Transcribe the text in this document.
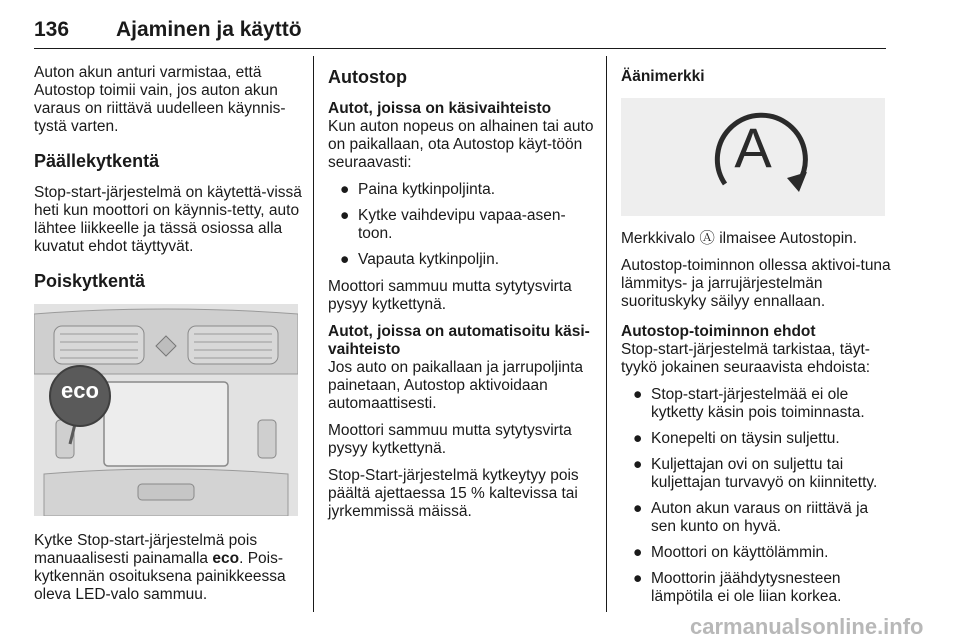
136 Ajaminen ja käyttö

Auton akun anturi varmistaa, että Autostop toimii vain, jos auton akun varaus on riittävä uudelleen käynnis-tystä varten.

Päällekytkentä

Stop-start-järjestelmä on käytettä-vissä heti kun moottori on käynnis-tetty, auto lähtee liikkeelle ja tässä osiossa alla kuvatut ehdot täyttyvät.

Poiskytkentä
eco

Kytke Stop-start-järjestelmä pois manuaalisesti painamalla eco. Pois-kytkennän osoituksena painikkeessa oleva LED-valo sammuu.

Autostop
Autot, joissa on käsivaihteisto

Kun auton nopeus on alhainen tai auto on paikallaan, ota Autostop käyt-töön seuraavasti:

● Paina kytkinpoljinta.
● Kytke vaihdevipu vapaa-asen-toon.
● Vapauta kytkinpoljin.

Moottori sammuu mutta sytytysvirta pysyy kytkettynä.

Autot, joissa on automatisoitu käsi-vaihteisto

Jos auto on paikallaan ja jarrupoljinta painetaan, Autostop aktivoidaan automaattisesti.

Moottori sammuu mutta sytytysvirta pysyy kytkettynä.

Stop-Start-järjestelmä kytkeytyy pois päältä ajettaessa 15 % kaltevissa tai jyrkemmissä mäissä.

Äänimerkki
A

Merkkivalo Ⓐ ilmaisee Autostopin.

Autostop-toiminnon ollessa aktivoi-tuna lämmitys- ja jarrujärjestelmän suorituskyky säilyy ennallaan.

Autostop-toiminnon ehdot

Stop-start-järjestelmä tarkistaa, täyt-tyykö jokainen seuraavista ehdoista:

● Stop-start-järjestelmää ei ole kytketty käsin pois toiminnasta.
● Konepelti on täysin suljettu.
● Kuljettajan ovi on suljettu tai kuljettajan turvavyö on kiinnitetty.
● Auton akun varaus on riittävä ja sen kunto on hyvä.
● Moottori on käyttölämmin.
● Moottorin jäähdytysnesteen lämpötila ei ole liian korkea.
carmanualsonline.info
